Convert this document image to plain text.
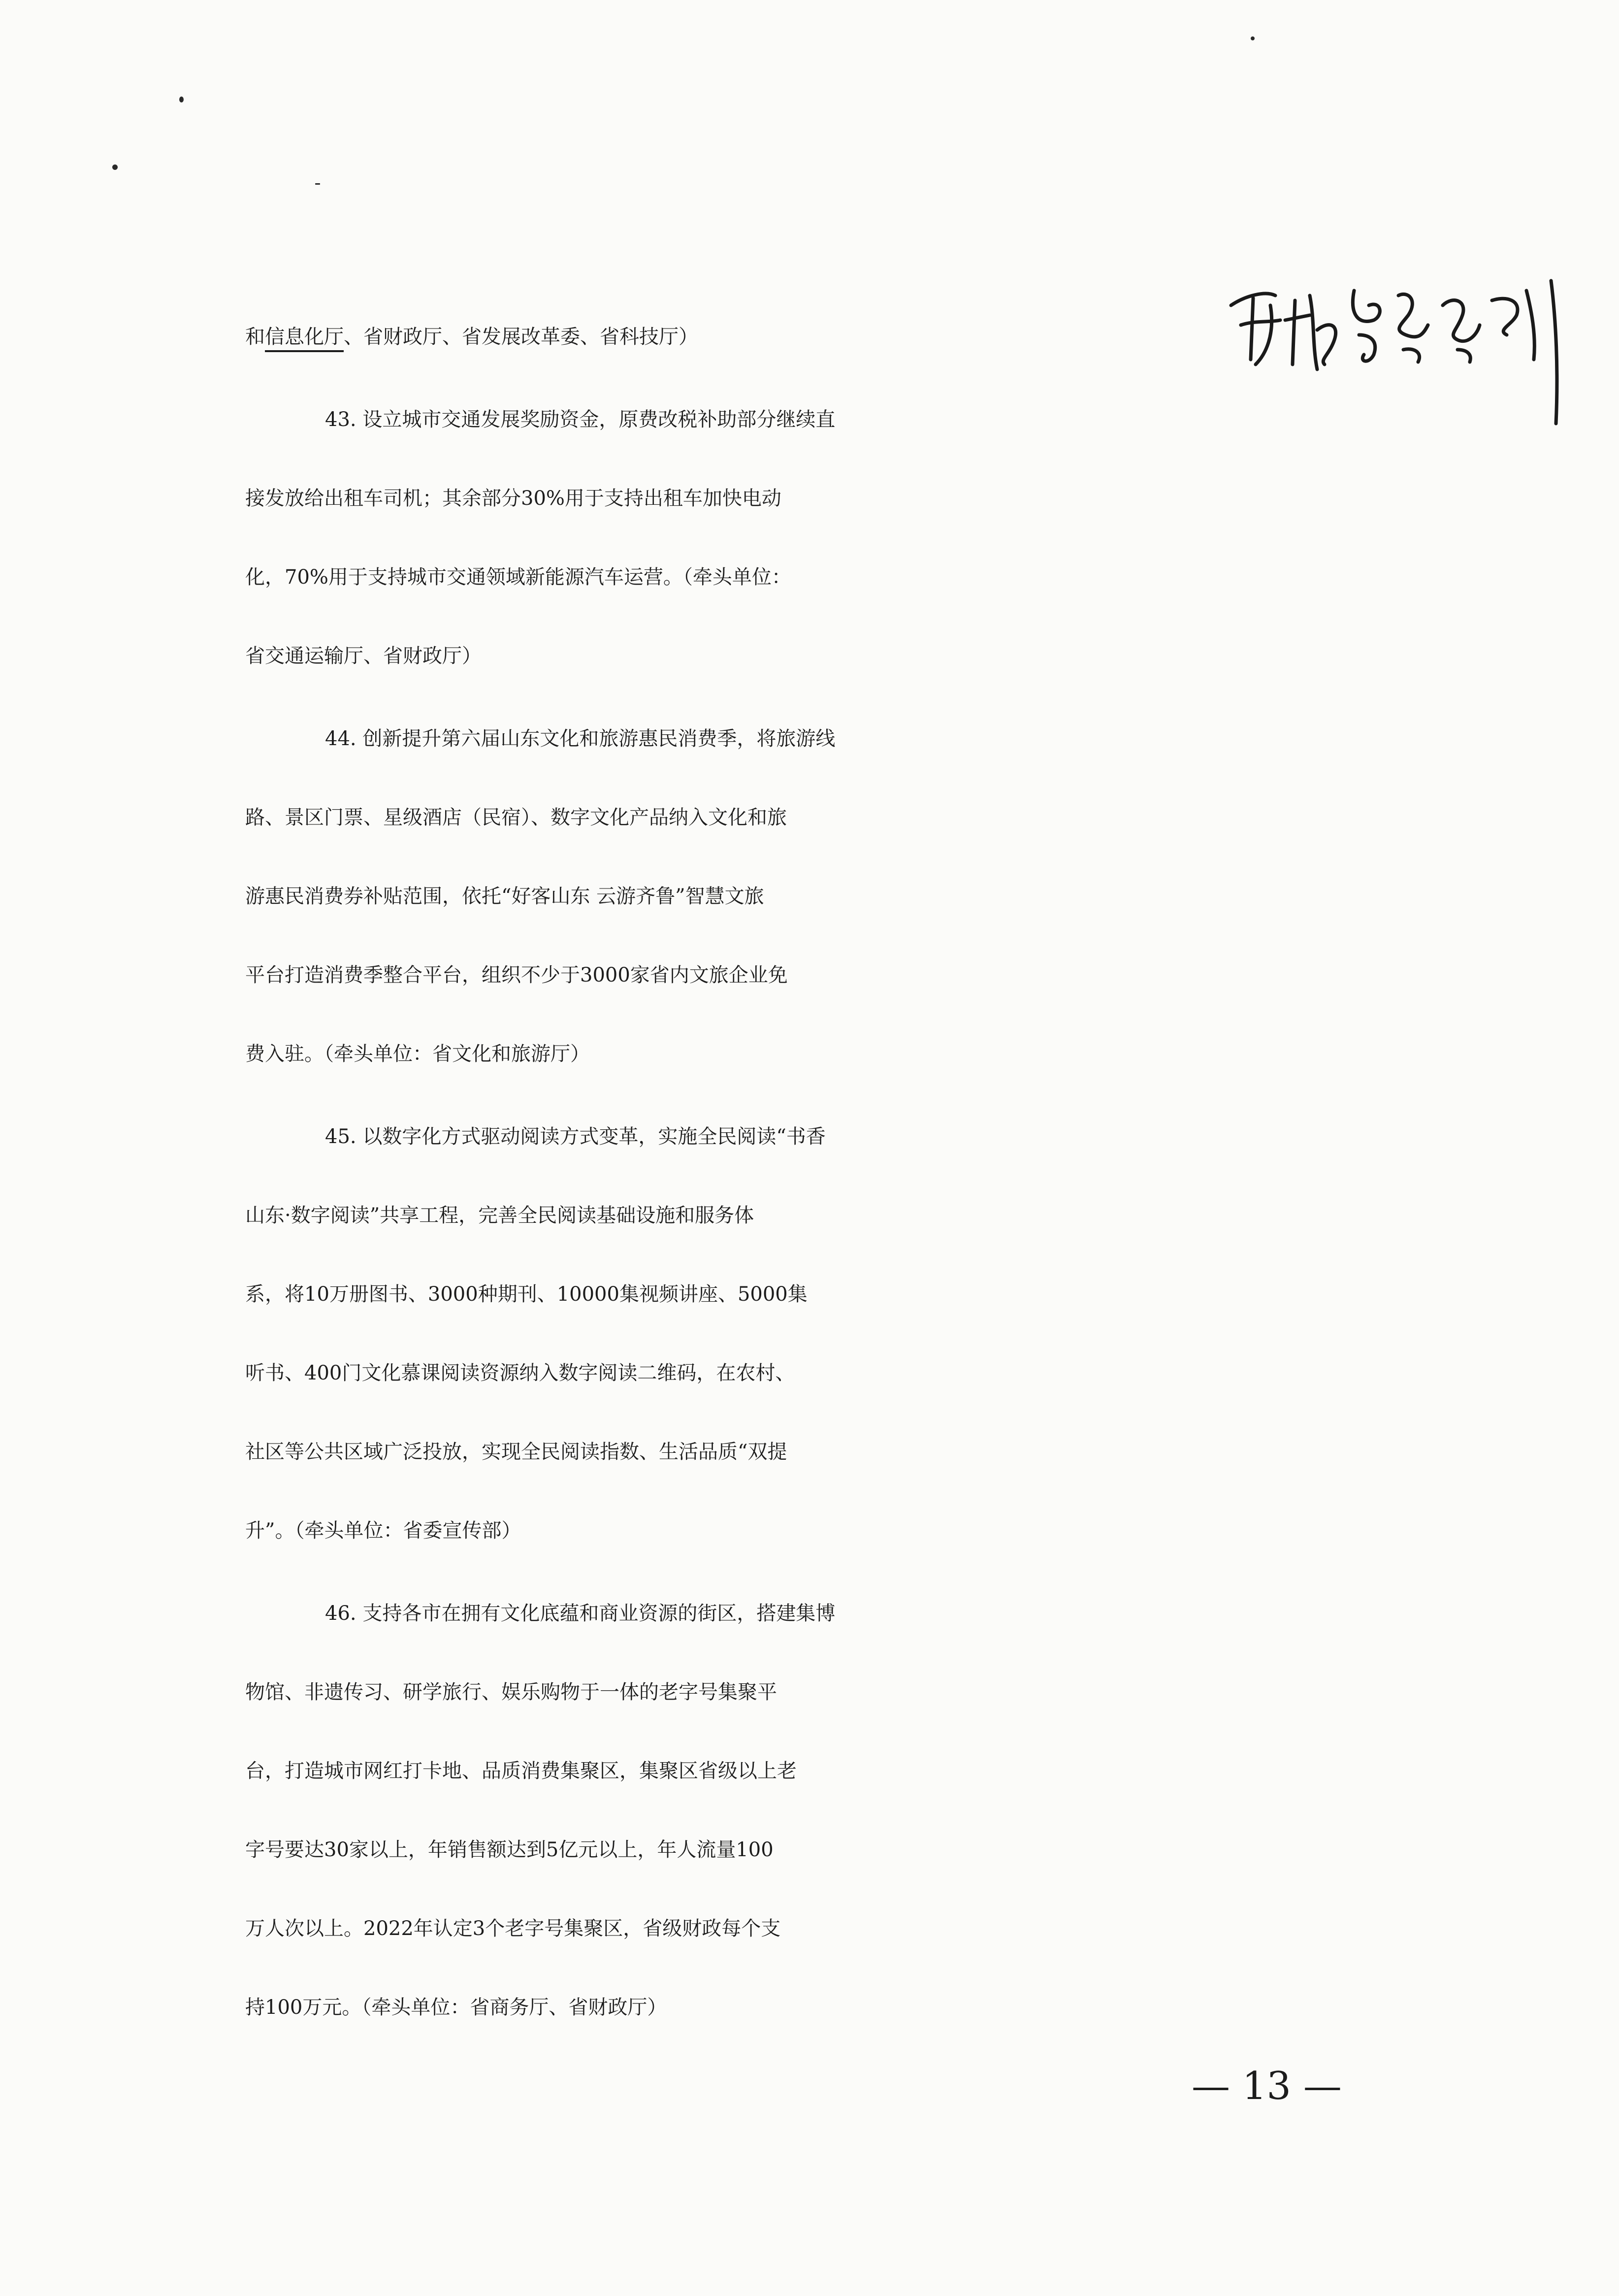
和信息化厅、省财政厅、省发展改革委、省科技厅）
43. 设立城市交通发展奖励资金，原费改税补助部分继续直
接发放给出租车司机；其余部分30%用于支持出租车加快电动
化，70%用于支持城市交通领域新能源汽车运营。（牵头单位：
省交通运输厅、省财政厅）
44. 创新提升第六届山东文化和旅游惠民消费季，将旅游线
路、景区门票、星级酒店（民宿）、数字文化产品纳入文化和旅
游惠民消费券补贴范围，依托“好客山东 云游齐鲁”智慧文旅
平台打造消费季整合平台，组织不少于3000家省内文旅企业免
费入驻。（牵头单位：省文化和旅游厅）
45. 以数字化方式驱动阅读方式变革，实施全民阅读“书香
山东·数字阅读”共享工程，完善全民阅读基础设施和服务体
系，将10万册图书、3000种期刊、10000集视频讲座、5000集
听书、400门文化慕课阅读资源纳入数字阅读二维码，在农村、
社区等公共区域广泛投放，实现全民阅读指数、生活品质“双提
升”。（牵头单位：省委宣传部）
46. 支持各市在拥有文化底蕴和商业资源的街区，搭建集博
物馆、非遗传习、研学旅行、娱乐购物于一体的老字号集聚平
台，打造城市网红打卡地、品质消费集聚区，集聚区省级以上老
字号要达30家以上，年销售额达到5亿元以上，年人流量100
万人次以上。2022年认定3个老字号集聚区，省级财政每个支
持100万元。（牵头单位：省商务厅、省财政厅）
— 13 —
